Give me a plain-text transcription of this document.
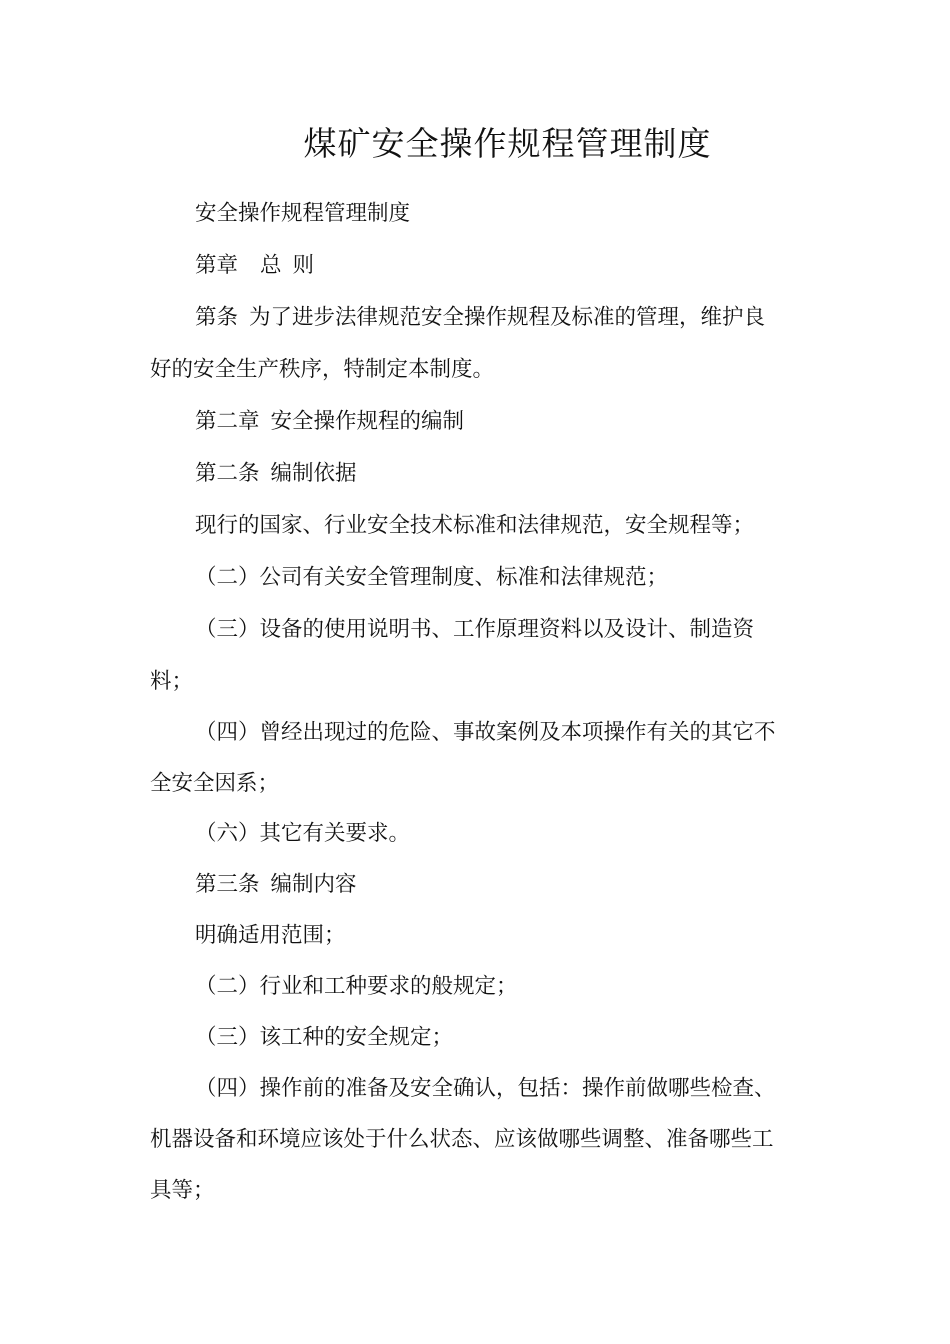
煤矿安全操作规程管理制度
安全操作规程管理制度
第章 总 则
第条 为了进步法律规范安全操作规程及标准的管理，维护良
好的安全生产秩序，特制定本制度。
第二章 安全操作规程的编制
第二条 编制依据
现行的国家、行业安全技术标准和法律规范，安全规程等；
（二）公司有关安全管理制度、标准和法律规范；
（三）设备的使用说明书、工作原理资料以及设计、制造资
料；
（四）曾经出现过的危险、事故案例及本项操作有关的其它不
全安全因系；
（六）其它有关要求。
第三条 编制内容
明确适用范围；
（二）行业和工种要求的般规定；
（三）该工种的安全规定；
（四）操作前的准备及安全确认，包括：操作前做哪些检查、
机器设备和环境应该处于什么状态、应该做哪些调整、准备哪些工
具等；
